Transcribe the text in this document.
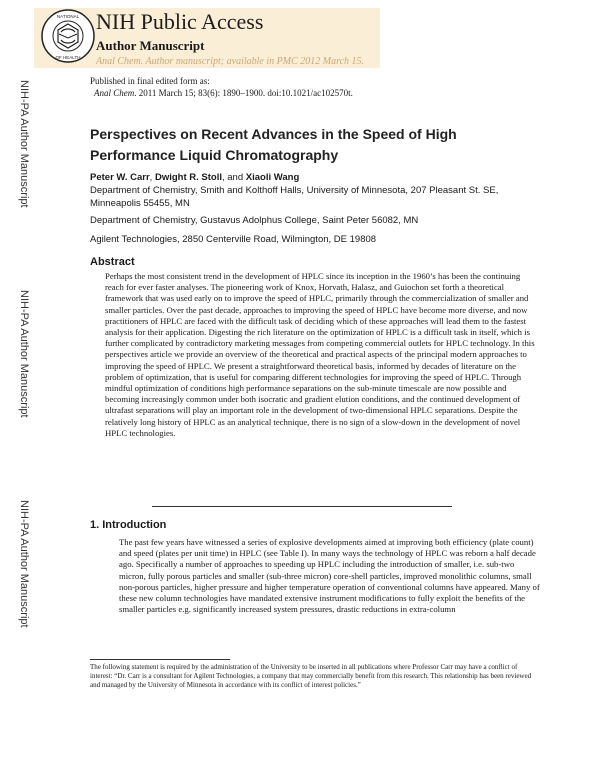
NATIONAL
OF HEALTH
NIH Public Access
Author Manuscript
Anal Chem. Author manuscript; available in PMC 2012 March 15.
NIH-PA Author Manuscript
NIH-PA Author Manuscript
NIH-PA Author Manuscript
Published in final edited form as:
Anal Chem. 2011 March 15; 83(6): 1890–1900. doi:10.1021/ac102570t.
Perspectives on Recent Advances in the Speed of High Performance Liquid Chromatography
Peter W. Carr, Dwight R. Stoll, and Xiaoli Wang
Department of Chemistry, Smith and Kolthoff Halls, University of Minnesota, 207 Pleasant St. SE, Minneapolis 55455, MN
Department of Chemistry, Gustavus Adolphus College, Saint Peter 56082, MN
Agilent Technologies, 2850 Centerville Road, Wilmington, DE 19808
Abstract
Perhaps the most consistent trend in the development of HPLC since its inception in the 1960’s has been the continuing reach for ever faster analyses. The pioneering work of Knox, Horvath, Halasz, and Guiochon set forth a theoretical framework that was used early on to improve the speed of HPLC, primarily through the commercialization of smaller and smaller particles. Over the past decade, approaches to improving the speed of HPLC have become more diverse, and now practitioners of HPLC are faced with the difficult task of deciding which of these approaches will lead them to the fastest analysis for their application. Digesting the rich literature on the optimization of HPLC is a difficult task in itself, which is further complicated by contradictory marketing messages from competing commercial outlets for HPLC technology. In this perspectives article we provide an overview of the theoretical and practical aspects of the principal modern approaches to improving the speed of HPLC. We present a straightforward theoretical basis, informed by decades of literature on the problem of optimization, that is useful for comparing different technologies for improving the speed of HPLC. Through mindful optimization of conditions high performance separations on the sub-minute timescale are now possible and becoming increasingly common under both isocratic and gradient elution conditions, and the continued development of ultrafast separations will play an important role in the development of two-dimensional HPLC separations. Despite the relatively long history of HPLC as an analytical technique, there is no sign of a slow-down in the development of novel HPLC technologies.
1. Introduction
The past few years have witnessed a series of explosive developments aimed at improving both efficiency (plate count) and speed (plates per unit time) in HPLC (see Table I). In many ways the technology of HPLC was reborn a half decade ago. Specifically a number of approaches to speeding up HPLC including the introduction of smaller, i.e. sub-two micron, fully porous particles and smaller (sub-three micron) core-shell particles, improved monolithic columns, small non-porous particles, higher pressure and higher temperature operation of conventional columns have appeared. Many of these new column technologies have mandated extensive instrument modifications to fully exploit the benefits of the smaller particles e.g. significantly increased system pressures, drastic reductions in extra-column
The following statement is required by the administration of the University to be inserted in all publications where Professor Carr may have a conflict of interest: “Dr. Carr is a consultant for Agilent Technologies, a company that may commercially benefit from this research. This relationship has been reviewed and managed by the University of Minnesota in accordance with its conflict of interest policies.”
